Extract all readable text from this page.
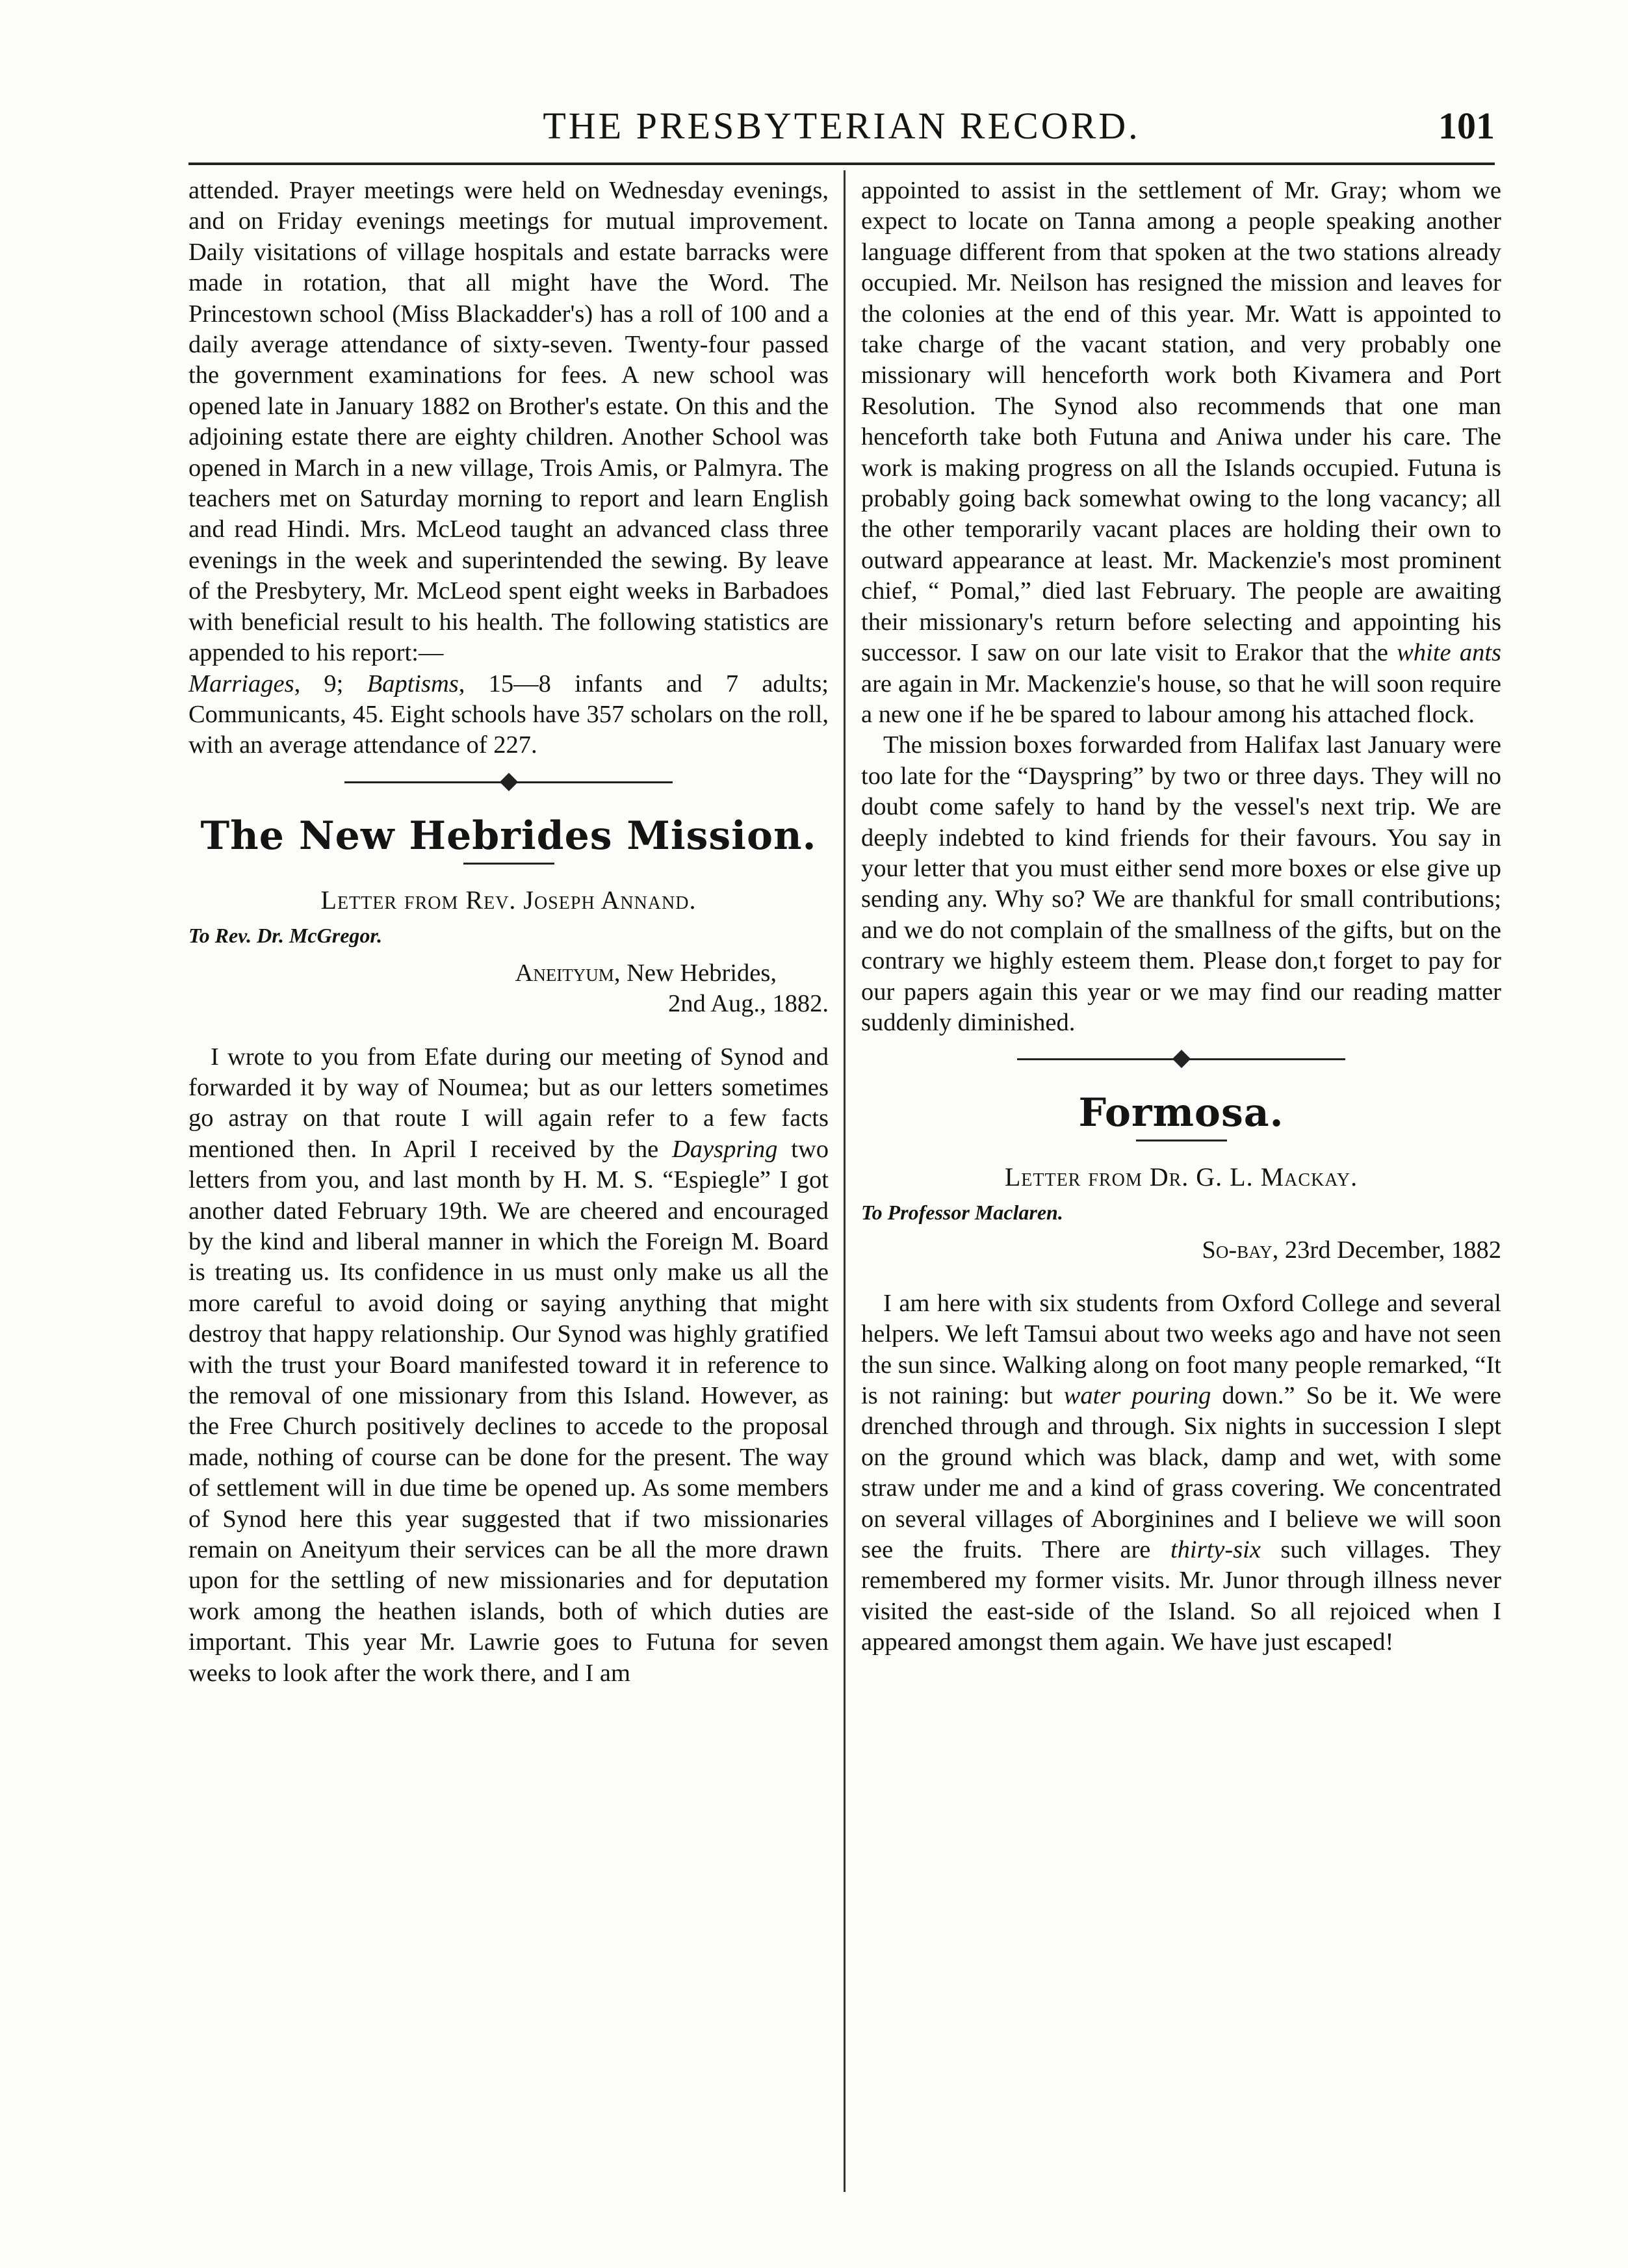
THE PRESBYTERIAN RECORD.	101

attended. Prayer meetings were held on Wednesday evenings, and on Friday evenings meetings for mutual improvement. Daily visitations of village hospitals and estate barracks were made in rotation, that all might have the Word. The Princestown school (Miss Blackadder's) has a roll of 100 and a daily average attendance of sixty-seven. Twenty-four passed the government examinations for fees. A new school was opened late in January 1882 on Brother's estate. On this and the adjoining estate there are eighty children. Another School was opened in March in a new village, Trois Amis, or Palmyra. The teachers met on Saturday morning to report and learn English and read Hindi. Mrs. McLeod taught an advanced class three evenings in the week and superintended the sewing. By leave of the Presbytery, Mr. McLeod spent eight weeks in Barbadoes with beneficial result to his health. The following statistics are appended to his report:—

Marriages, 9; Baptisms, 15—8 infants and 7 adults; Communicants, 45. Eight schools have 357 scholars on the roll, with an average attendance of 227.

The New Hebrides Mission.
Letter from Rev. Joseph Annand.
To Rev. Dr. McGregor.
Aneityum, New Hebrides,
2nd Aug., 1882.

I wrote to you from Efate during our meeting of Synod and forwarded it by way of Noumea; but as our letters sometimes go astray on that route I will again refer to a few facts mentioned then. In April I received by the Dayspring two letters from you, and last month by H. M. S. “Espiegle” I got another dated February 19th. We are cheered and encouraged by the kind and liberal manner in which the Foreign M. Board is treating us. Its confidence in us must only make us all the more careful to avoid doing or saying anything that might destroy that happy relationship. Our Synod was highly gratified with the trust your Board manifested toward it in reference to the removal of one missionary from this Island. However, as the Free Church positively declines to accede to the proposal made, nothing of course can be done for the present. The way of settlement will in due time be opened up. As some members of Synod here this year suggested that if two missionaries remain on Aneityum their services can be all the more drawn upon for the settling of new missionaries and for deputation work among the heathen islands, both of which duties are important. This year Mr. Lawrie goes to Futuna for seven weeks to look after the work there, and I am

appointed to assist in the settlement of Mr. Gray; whom we expect to locate on Tanna among a people speaking another language different from that spoken at the two stations already occupied. Mr. Neilson has resigned the mission and leaves for the colonies at the end of this year. Mr. Watt is appointed to take charge of the vacant station, and very probably one missionary will henceforth work both Kivamera and Port Resolution. The Synod also recommends that one man henceforth take both Futuna and Aniwa under his care. The work is making progress on all the Islands occupied. Futuna is probably going back somewhat owing to the long vacancy; all the other temporarily vacant places are holding their own to outward appearance at least. Mr. Mackenzie's most prominent chief, “ Pomal,” died last February. The people are awaiting their missionary's return before selecting and appointing his successor. I saw on our late visit to Erakor that the white ants are again in Mr. Mackenzie's house, so that he will soon require a new one if he be spared to labour among his attached flock.

The mission boxes forwarded from Halifax last January were too late for the “Dayspring” by two or three days. They will no doubt come safely to hand by the vessel's next trip. We are deeply indebted to kind friends for their favours. You say in your letter that you must either send more boxes or else give up sending any. Why so? We are thankful for small contributions; and we do not complain of the smallness of the gifts, but on the contrary we highly esteem them. Please don,t forget to pay for our papers again this year or we may find our reading matter suddenly diminished.

Formosa.
Letter from Dr. G. L. Mackay.
To Professor Maclaren.
So-bay, 23rd December, 1882

I am here with six students from Oxford College and several helpers. We left Tamsui about two weeks ago and have not seen the sun since. Walking along on foot many people remarked, “It is not raining: but water pouring down.” So be it. We were drenched through and through. Six nights in succession I slept on the ground which was black, damp and wet, with some straw under me and a kind of grass covering. We concentrated on several villages of Aborginines and I believe we will soon see the fruits. There are thirty-six such villages. They remembered my former visits. Mr. Junor through illness never visited the east-side of the Island. So all rejoiced when I appeared amongst them again. We have just escaped!
